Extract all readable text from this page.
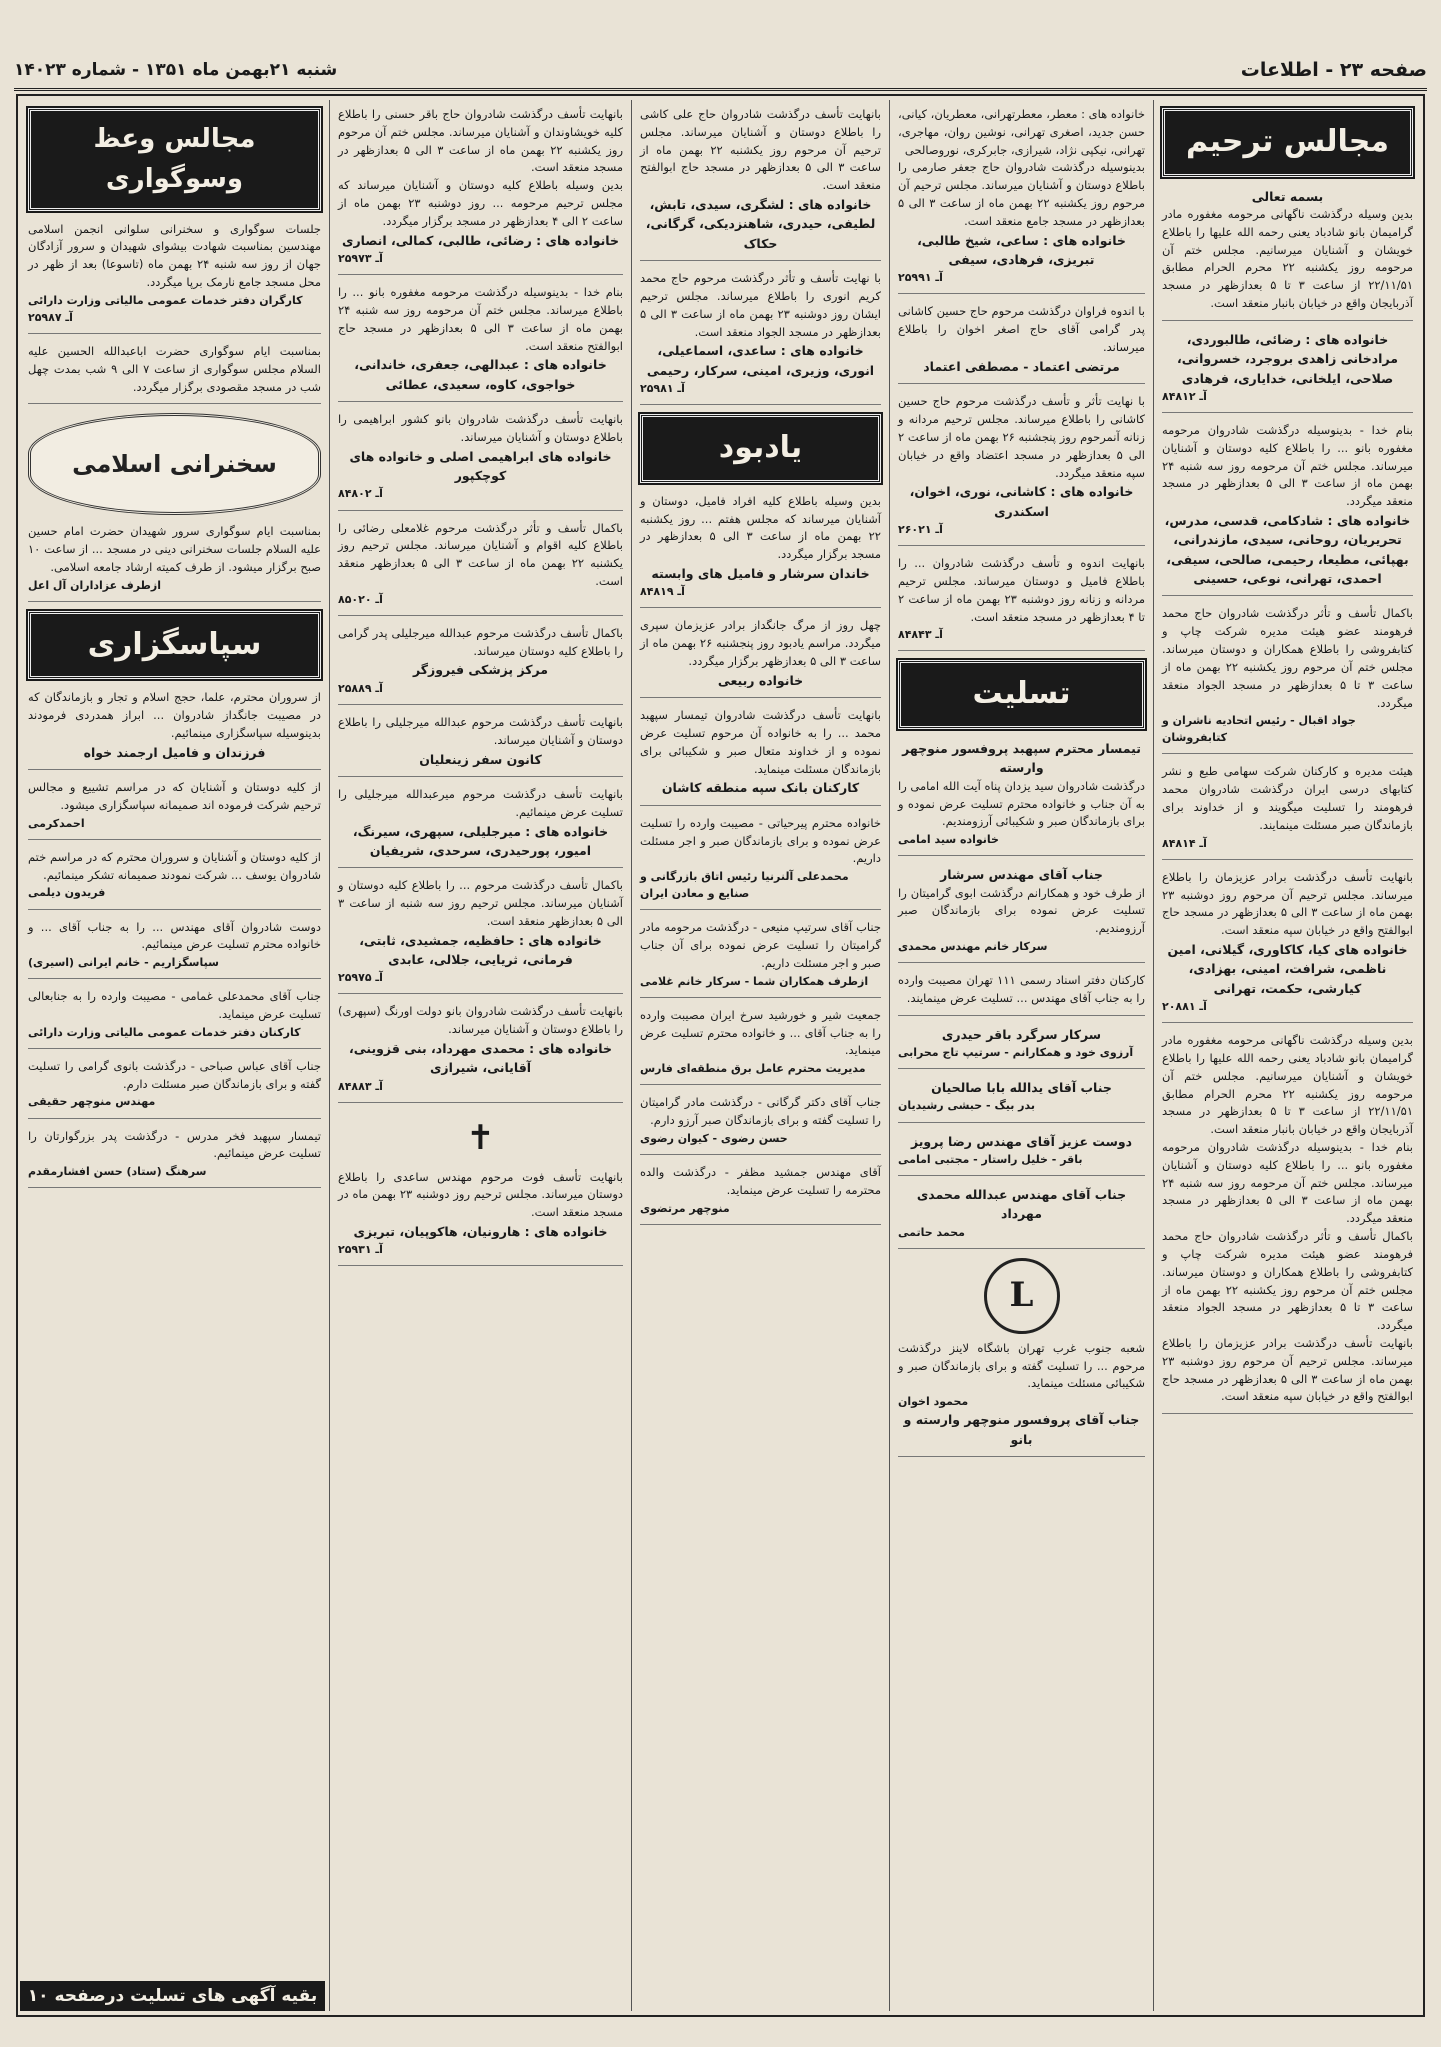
صفحه ۲۳ - اطلاعات
شنبه ۲۱بهمن ماه ۱۳۵۱ - شماره ۱۴۰۲۳
مجالس ترحیم
بسمه تعالی
بدین وسیله درگذشت ناگهانی مرحومه مغفوره مادر گرامیمان بانو شادباد یعنی رحمه الله علیها را باطلاع خویشان و آشنایان میرسانیم. مجلس ختم آن مرحومه روز یکشنبه ۲۲ محرم الحرام مطابق ۲۲/۱۱/۵۱ از ساعت ۳ تا ۵ بعدازظهر در مسجد آذربایجان واقع در خیابان بانبار منعقد است.
خانواده های : رضائی، طالبوردی، مرادخانی زاهدی بروجرد، خسروانی، صلاحی، ایلخانی، خدایاری، فرهادی
آـ ۸۴۸۱۲
بنام خدا - بدینوسیله درگذشت شادروان مرحومه مغفوره بانو ... را باطلاع کلیه دوستان و آشنایان میرساند. مجلس ختم آن مرحومه روز سه شنبه ۲۴ بهمن ماه از ساعت ۳ الی ۵ بعدازظهر در مسجد منعقد میگردد.
خانواده های : شادکامی، قدسی، مدرس، تحریریان، روحانی، سیدی، مازندرانی، بهپائی، مطیعا، رحیمی، صالحی، سیفی، احمدی، تهرانی، نوعی، حسینی
باکمال تأسف و تأثر درگذشت شادروان حاج محمد فرهومند عضو هیئت مدیره شرکت چاپ و کتابفروشی را باطلاع همکاران و دوستان میرساند. مجلس ختم آن مرحوم روز یکشنبه ۲۲ بهمن ماه از ساعت ۳ تا ۵ بعدازظهر در مسجد الجواد منعقد میگردد.
جواد اقبال - رئیس اتحادیه ناشران و کتابفروشان
هیئت مدیره و کارکنان شرکت سهامی طبع و نشر کتابهای درسی ایران درگذشت شادروان محمد فرهومند را تسلیت میگویند و از خداوند برای بازماندگان صبر مسئلت مینمایند.
آـ ۸۴۸۱۴
بانهایت تأسف درگذشت برادر عزیزمان را باطلاع میرساند. مجلس ترحیم آن مرحوم روز دوشنبه ۲۳ بهمن ماه از ساعت ۳ الی ۵ بعدازظهر در مسجد حاج ابوالفتح واقع در خیابان سپه منعقد است.
خانواده های کیا، کاکاوری، گیلانی، امین ناظمی، شرافت، امینی، بهزادی، کیارشی، حکمت، تهرانی
آـ ۲۰۸۸۱
بدین وسیله درگذشت ناگهانی مرحومه مغفوره مادر گرامیمان بانو شادباد یعنی رحمه الله علیها را باطلاع خویشان و آشنایان میرسانیم. مجلس ختم آن مرحومه روز یکشنبه ۲۲ محرم الحرام مطابق ۲۲/۱۱/۵۱ از ساعت ۳ تا ۵ بعدازظهر در مسجد آذربایجان واقع در خیابان بانبار منعقد است.
بنام خدا - بدینوسیله درگذشت شادروان مرحومه مغفوره بانو ... را باطلاع کلیه دوستان و آشنایان میرساند. مجلس ختم آن مرحومه روز سه شنبه ۲۴ بهمن ماه از ساعت ۳ الی ۵ بعدازظهر در مسجد منعقد میگردد.
باکمال تأسف و تأثر درگذشت شادروان حاج محمد فرهومند عضو هیئت مدیره شرکت چاپ و کتابفروشی را باطلاع همکاران و دوستان میرساند. مجلس ختم آن مرحوم روز یکشنبه ۲۲ بهمن ماه از ساعت ۳ تا ۵ بعدازظهر در مسجد الجواد منعقد میگردد.
بانهایت تأسف درگذشت برادر عزیزمان را باطلاع میرساند. مجلس ترحیم آن مرحوم روز دوشنبه ۲۳ بهمن ماه از ساعت ۳ الی ۵ بعدازظهر در مسجد حاج ابوالفتح واقع در خیابان سپه منعقد است.
خانواده های : معطر، معطرتهرانی، معطریان، کیانی، حسن جدید، اصغری تهرانی، نوشین روان، مهاجری، تهرانی، نیکپی نژاد، شیرازی، جابرکری، نوروصالحی
بدینوسیله درگذشت شادروان حاج جعفر صارمی را باطلاع دوستان و آشنایان میرساند. مجلس ترحیم آن مرحوم روز یکشنبه ۲۲ بهمن ماه از ساعت ۳ الی ۵ بعدازظهر در مسجد جامع منعقد است.
خانواده های : ساعی، شیخ طالبی، تبریزی، فرهادی، سیفی
آـ ۲۵۹۹۱
با اندوه فراوان درگذشت مرحوم حاج حسین کاشانی پدر گرامی آقای حاج اصغر اخوان را باطلاع میرساند.
مرتضی اعتماد - مصطفی اعتماد
با نهایت تأثر و تأسف درگذشت مرحوم حاج حسین کاشانی را باطلاع میرساند. مجلس ترحیم مردانه و زنانه آنمرحوم روز پنجشنبه ۲۶ بهمن ماه از ساعت ۲ الی ۵ بعدازظهر در مسجد اعتضاد واقع در خیابان سپه منعقد میگردد.
خانواده های : کاشانی، نوری، اخوان، اسکندری
آـ ۲۶۰۲۱
بانهایت اندوه و تأسف درگذشت شادروان ... را باطلاع فامیل و دوستان میرساند. مجلس ترحیم مردانه و زنانه روز دوشنبه ۲۳ بهمن ماه از ساعت ۲ تا ۴ بعدازظهر در مسجد منعقد است.
آـ ۸۴۸۴۳
تسلیت
تیمسار محترم سپهبد پروفسور منوچهر وارسته
درگذشت شادروان سید یزدان پناه آیت الله امامی را به آن جناب و خانواده محترم تسلیت عرض نموده و برای بازماندگان صبر و شکیبائی آرزومندیم.
خانواده سید امامی
جناب آقای مهندس سرشار
از طرف خود و همکارانم درگذشت ابوی گرامیتان را تسلیت عرض نموده برای بازماندگان صبر آرزومندیم.
سرکار خانم مهندس محمدی
کارکنان دفتر اسناد رسمی ۱۱۱ تهران مصیبت وارده را به جناب آقای مهندس ... تسلیت عرض مینمایند.
سرکار سرگرد باقر حیدری
آرزوی خود و همکارانم - سرتیپ تاج محرابی
جناب آقای یدالله بابا صالحیان
بدر بیگ - حبشی رشیدیان
دوست عزیز آقای مهندس رضا پرویز
باقر - خلیل راستار - مجتبی امامی
جناب آقای مهندس عبدالله محمدی مهرداد
محمد حاتمی
L
شعبه جنوب غرب تهران باشگاه لاینز درگذشت مرحوم ... را تسلیت گفته و برای بازماندگان صبر و شکیبائی مسئلت مینماید.
محمود اخوان
جناب آقای پروفسور منوچهر وارسته و بانو
بانهایت تأسف درگذشت شادروان حاج علی کاشی را باطلاع دوستان و آشنایان میرساند. مجلس ترحیم آن مرحوم روز یکشنبه ۲۲ بهمن ماه از ساعت ۳ الی ۵ بعدازظهر در مسجد حاج ابوالفتح منعقد است.
خانواده های : لشگری، سیدی، تابش، لطیفی، حیدری، شاهنزدیکی، گرگانی، حکاک
با نهایت تأسف و تأثر درگذشت مرحوم حاج محمد کریم انوری را باطلاع میرساند. مجلس ترحیم ایشان روز دوشنبه ۲۳ بهمن ماه از ساعت ۳ الی ۵ بعدازظهر در مسجد الجواد منعقد است.
خانواده های : ساعدی، اسماعیلی، انوری، وزیری، امینی، سرکار، رحیمی
آـ ۲۵۹۸۱
یادبود
بدین وسیله باطلاع کلیه افراد فامیل، دوستان و آشنایان میرساند که مجلس هفتم ... روز یکشنبه ۲۲ بهمن ماه از ساعت ۳ الی ۵ بعدازظهر در مسجد برگزار میگردد.
خاندان سرشار و فامیل های وابسته
آـ ۸۴۸۱۹
چهل روز از مرگ جانگداز برادر عزیزمان سپری میگردد. مراسم یادبود روز پنجشنبه ۲۶ بهمن ماه از ساعت ۳ الی ۵ بعدازظهر برگزار میگردد.
خانواده ربیعی
بانهایت تأسف درگذشت شادروان تیمسار سپهبد محمد ... را به خانواده آن مرحوم تسلیت عرض نموده و از خداوند متعال صبر و شکیبائی برای بازماندگان مسئلت مینماید.
کارکنان بانک سپه منطقه کاشان
خانواده محترم پیرحیاتی - مصیبت وارده را تسلیت عرض نموده و برای بازماندگان صبر و اجر مسئلت داریم.
محمدعلی آلنرنیا رئیس اتاق بازرگانی و صنایع و معادن ایران
جناب آقای سرتیپ منیعی - درگذشت مرحومه مادر گرامیتان را تسلیت عرض نموده برای آن جناب صبر و اجر مسئلت داریم.
ازطرف همکاران شما - سرکار خانم غلامی
جمعیت شیر و خورشید سرخ ایران مصیبت وارده را به جناب آقای ... و خانواده محترم تسلیت عرض مینماید.
مدیریت محترم عامل برق منطقه‌ای فارس
جناب آقای دکتر گرگانی - درگذشت مادر گرامیتان را تسلیت گفته و برای بازماندگان صبر آرزو دارم.
حسن رضوی - کیوان رضوی
آقای مهندس جمشید مظفر - درگذشت والده محترمه را تسلیت عرض مینماید.
منوچهر مرتضوی
بانهایت تأسف درگذشت شادروان حاج باقر حسنی را باطلاع کلیه خویشاوندان و آشنایان میرساند. مجلس ختم آن مرحوم روز یکشنبه ۲۲ بهمن ماه از ساعت ۳ الی ۵ بعدازظهر در مسجد منعقد است.
بدین وسیله باطلاع کلیه دوستان و آشنایان میرساند که مجلس ترحیم مرحومه ... روز دوشنبه ۲۳ بهمن ماه از ساعت ۲ الی ۴ بعدازظهر در مسجد برگزار میگردد.
خانواده های : رضائی، طالبی، کمالی، انصاری
آـ ۲۵۹۷۳
بنام خدا - بدینوسیله درگذشت مرحومه مغفوره بانو ... را باطلاع میرساند. مجلس ختم آن مرحومه روز سه شنبه ۲۴ بهمن ماه از ساعت ۳ الی ۵ بعدازظهر در مسجد حاج ابوالفتح منعقد است.
خانواده های : عبدالهی، جعفری، خاندانی، خواجوی، کاوه، سعیدی، عطائی
بانهایت تأسف درگذشت شادروان بانو کشور ابراهیمی را باطلاع دوستان و آشنایان میرساند.
خانواده های ابراهیمی اصلی و خانواده های کوچکپور
آـ ۸۴۸۰۲
باکمال تأسف و تأثر درگذشت مرحوم غلامعلی رضائی را باطلاع کلیه اقوام و آشنایان میرساند. مجلس ترحیم روز یکشنبه ۲۲ بهمن ماه از ساعت ۳ الی ۵ بعدازظهر منعقد است.
آـ ۸۵۰۲۰
باکمال تأسف درگذشت مرحوم عبدالله میرجلیلی پدر گرامی را باطلاع کلیه دوستان میرساند.
مرکز پزشکی فیروزگر
آـ ۲۵۸۸۹
بانهایت تأسف درگذشت مرحوم عبدالله میرجلیلی را باطلاع دوستان و آشنایان میرساند.
کانون سفر زینعلیان
بانهایت تأسف درگذشت مرحوم میرعبدالله میرجلیلی را تسلیت عرض مینمائیم.
خانواده های : میرجلیلی، سپهری، سیرنگ، امیور، پورحیدری، سرحدی، شریفیان
باکمال تأسف درگذشت مرحوم ... را باطلاع کلیه دوستان و آشنایان میرساند. مجلس ترحیم روز سه شنبه از ساعت ۳ الی ۵ بعدازظهر منعقد است.
خانواده های : حافظیه، جمشیدی، ثابتی، فرمانی، ثریایی، جلالی، عابدی
آـ ۲۵۹۷۵
بانهایت تأسف درگذشت شادروان بانو دولت اورنگ (سپهری) را باطلاع دوستان و آشنایان میرساند.
خانواده های : محمدی مهرداد، بنی قزوینی، آقایانی، شیرازی
آـ ۸۴۸۸۳
✝
بانهایت تأسف فوت مرحوم مهندس ساعدی را باطلاع دوستان میرساند. مجلس ترحیم روز دوشنبه ۲۳ بهمن ماه در مسجد منعقد است.
خانواده های : هارونیان، هاکوپیان، تبریزی
آـ ۲۵۹۳۱
مجالس وعظ وسوگواری
جلسات سوگواری و سخنرانی سلوانی انجمن اسلامی مهندسین بمناسبت شهادت بیشوای شهیدان و سرور آزادگان جهان از روز سه شنبه ۲۴ بهمن ماه (تاسوعا) بعد از ظهر در محل مسجد جامع نارمک برپا میگردد.
کارگران دفتر خدمات عمومی مالیاتی وزارت دارائی
آـ ۲۵۹۸۷
بمناسبت ایام سوگواری حضرت اباعبدالله الحسین علیه السلام مجلس سوگواری از ساعت ۷ الی ۹ شب بمدت چهل شب در مسجد مقصودی برگزار میگردد.
سخنرانی اسلامی
بمناسبت ایام سوگواری سرور شهیدان حضرت امام حسین علیه السلام جلسات سخنرانی دینی در مسجد ... از ساعت ۱۰ صبح برگزار میشود. از طرف کمیته ارشاد جامعه اسلامی.
ازطرف عزاداران آل اعل
سپاسگزاری
از سروران محترم، علما، حجج اسلام و تجار و بازماندگان که در مصیبت جانگداز شادروان ... ابراز همدردی فرمودند بدینوسیله سپاسگزاری مینمائیم.
فرزندان و فامیل ارجمند خواه
از کلیه دوستان و آشنایان که در مراسم تشییع و مجالس ترحیم شرکت فرموده اند صمیمانه سپاسگزاری میشود.
احمدکرمی
از کلیه دوستان و آشنایان و سروران محترم که در مراسم ختم شادروان یوسف ... شرکت نمودند صمیمانه تشکر مینمائیم.
فریدون دیلمی
دوست شادروان آقای مهندس ... را به جناب آقای ... و خانواده محترم تسلیت عرض مینمائیم.
سپاسگزاریم - خانم ایرانی (اسیری)
جناب آقای محمدعلی غمامی - مصیبت وارده را به جنابعالی تسلیت عرض مینماید.
کارکنان دفتر خدمات عمومی مالیاتی وزارت دارائی
جناب آقای عباس صباحی - درگذشت بانوی گرامی را تسلیت گفته و برای بازماندگان صبر مسئلت دارم.
مهندس منوچهر حقیقی
تیمسار سپهبد فخر مدرس - درگذشت پدر بزرگوارتان را تسلیت عرض مینمائیم.
سرهنگ (ستاد) حسن افشارمقدم
بقیه آگهی های تسلیت درصفحه ۱۰
